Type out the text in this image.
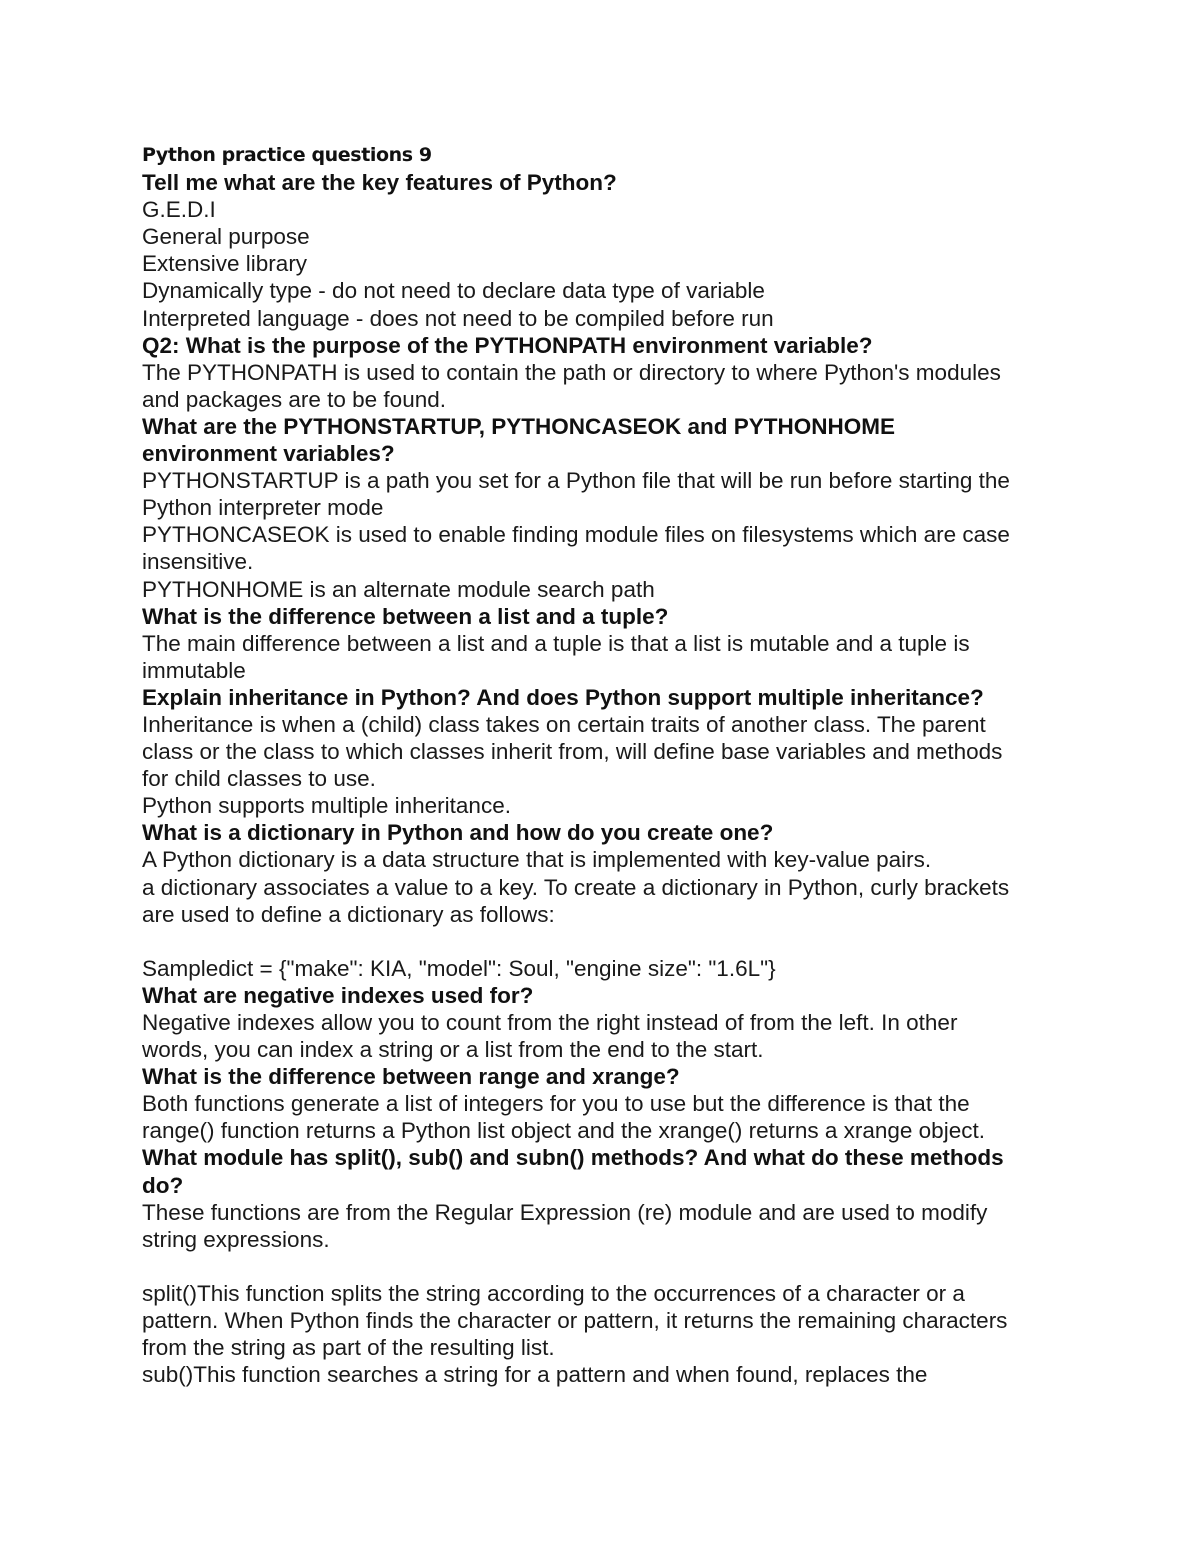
Python practice questions 9
Tell me what are the key features of Python?
G.E.D.I
General purpose
Extensive library
Dynamically type - do not need to declare data type of variable
Interpreted language - does not need to be compiled before run
Q2: What is the purpose of the PYTHONPATH environment variable?
The PYTHONPATH is used to contain the path or directory to where Python's modules
and packages are to be found.
What are the PYTHONSTARTUP, PYTHONCASEOK and PYTHONHOME
environment variables?
PYTHONSTARTUP is a path you set for a Python file that will be run before starting the
Python interpreter mode
PYTHONCASEOK is used to enable finding module files on filesystems which are case
insensitive.
PYTHONHOME is an alternate module search path
What is the difference between a list and a tuple?
The main difference between a list and a tuple is that a list is mutable and a tuple is
immutable
Explain inheritance in Python? And does Python support multiple inheritance?
Inheritance is when a (child) class takes on certain traits of another class. The parent
class or the class to which classes inherit from, will define base variables and methods
for child classes to use.
Python supports multiple inheritance.
What is a dictionary in Python and how do you create one?
A Python dictionary is a data structure that is implemented with key-value pairs.
a dictionary associates a value to a key. To create a dictionary in Python, curly brackets
are used to define a dictionary as follows:
Sampledict = {"make": KIA, "model": Soul, "engine size": "1.6L"}
What are negative indexes used for?
Negative indexes allow you to count from the right instead of from the left. In other
words, you can index a string or a list from the end to the start.
What is the difference between range and xrange?
Both functions generate a list of integers for you to use but the difference is that the
range() function returns a Python list object and the xrange() returns a xrange object.
What module has split(), sub() and subn() methods? And what do these methods
do?
These functions are from the Regular Expression (re) module and are used to modify
string expressions.
split()This function splits the string according to the occurrences of a character or a
pattern. When Python finds the character or pattern, it returns the remaining characters
from the string as part of the resulting list.
sub()This function searches a string for a pattern and when found, replaces the
